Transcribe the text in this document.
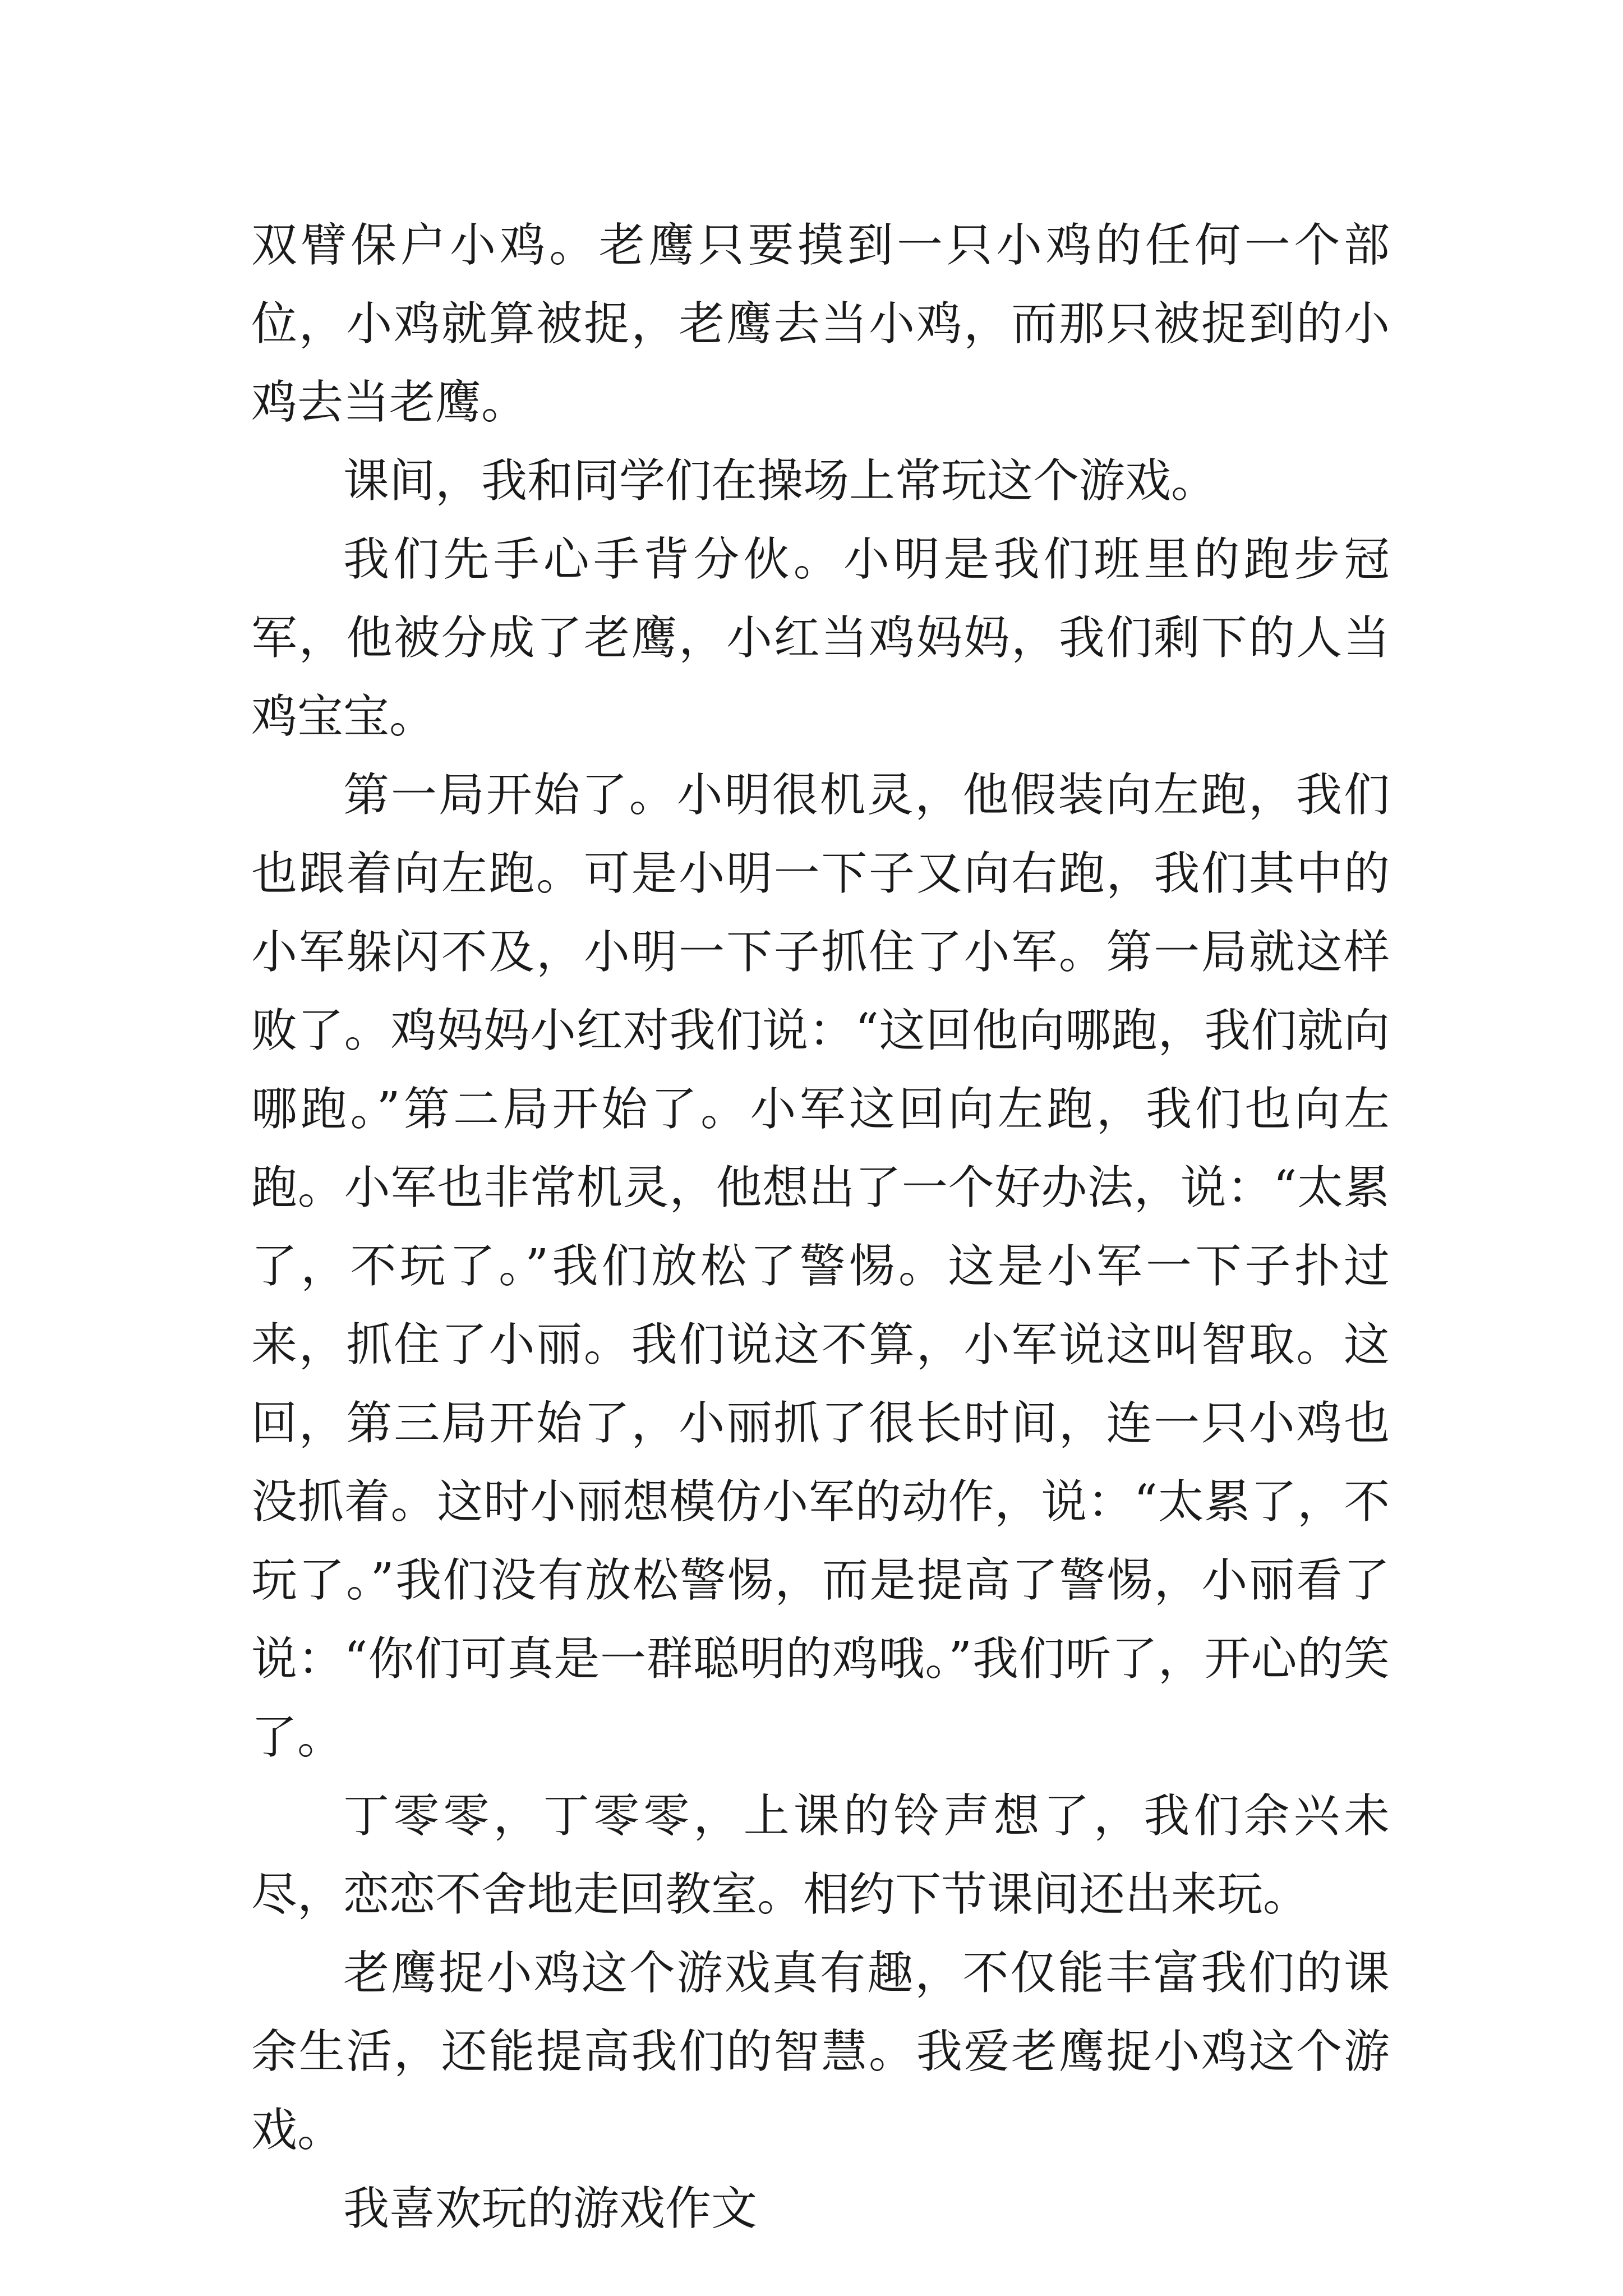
双臂保户小鸡。老鹰只要摸到一只小鸡的任何一个部位，小鸡就算被捉，老鹰去当小鸡，而那只被捉到的小鸡去当老鹰。

课间，我和同学们在操场上常玩这个游戏。

我们先手心手背分伙。小明是我们班里的跑步冠军，他被分成了老鹰，小红当鸡妈妈，我们剩下的人当鸡宝宝。

第一局开始了。小明很机灵，他假装向左跑，我们也跟着向左跑。可是小明一下子又向右跑，我们其中的小军躲闪不及，小明一下子抓住了小军。第一局就这样败了。鸡妈妈小红对我们说：“这回他向哪跑，我们就向哪跑。”第二局开始了。小军这回向左跑，我们也向左跑。小军也非常机灵，他想出了一个好办法，说：“太累了，不玩了。”我们放松了警惕。这是小军一下子扑过来，抓住了小丽。我们说这不算，小军说这叫智取。这回，第三局开始了，小丽抓了很长时间，连一只小鸡也没抓着。这时小丽想模仿小军的动作，说：“太累了，不玩了。”我们没有放松警惕，而是提高了警惕，小丽看了说：“你们可真是一群聪明的鸡哦。”我们听了，开心的笑了。

丁零零，丁零零，上课的铃声想了，我们余兴未尽，恋恋不舍地走回教室。相约下节课间还出来玩。

老鹰捉小鸡这个游戏真有趣，不仅能丰富我们的课余生活，还能提高我们的智慧。我爱老鹰捉小鸡这个游戏。

我喜欢玩的游戏作文
